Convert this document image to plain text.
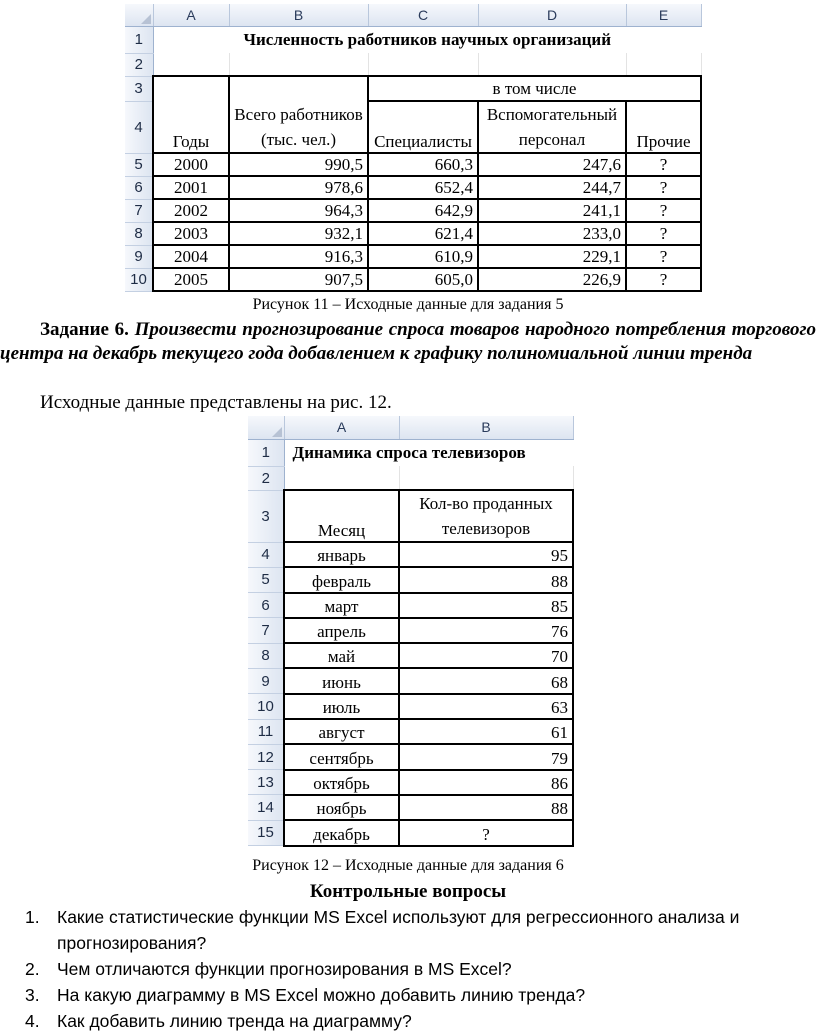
	A	B	C	D	E
1	Численность работников научных организаций				
2					
3	Годы	Всего работников (тыс. чел.)	в том числе		
4			Специалисты	Вспомогательный персонал	Прочие
5	2000	990,5	660,3	247,6	?
6	2001	978,6	652,4	244,7	?
7	2002	964,3	642,9	241,1	?
8	2003	932,1	621,4	233,0	?
9	2004	916,3	610,9	229,1	?
10	2005	907,5	605,0	226,9	?
Рисунок 11 – Исходные данные для задания 5
Задание 6. Произвести прогнозирование спроса товаров народного потребления торгового центра на декабрь текущего года добавлением к графику полиномиальной линии тренда
Исходные данные представлены на рис. 12.
	A	B
1	Динамика спроса телевизоров	
2		
3	Месяц	Кол-во проданных телевизоров
4	январь	95
5	февраль	88
6	март	85
7	апрель	76
8	май	70
9	июнь	68
10	июль	63
11	август	61
12	сентябрь	79
13	октябрь	86
14	ноябрь	88
15	декабрь	?
Рисунок 12 – Исходные данные для задания 6
Контрольные вопросы
1. Какие статистические функции MS Excel используют для регрессионного анализа и прогнозирования?
2. Чем отличаются функции прогнозирования в MS Excel?
3. На какую диаграмму в MS Excel можно добавить линию тренда?
4. Как добавить линию тренда на диаграмму?
